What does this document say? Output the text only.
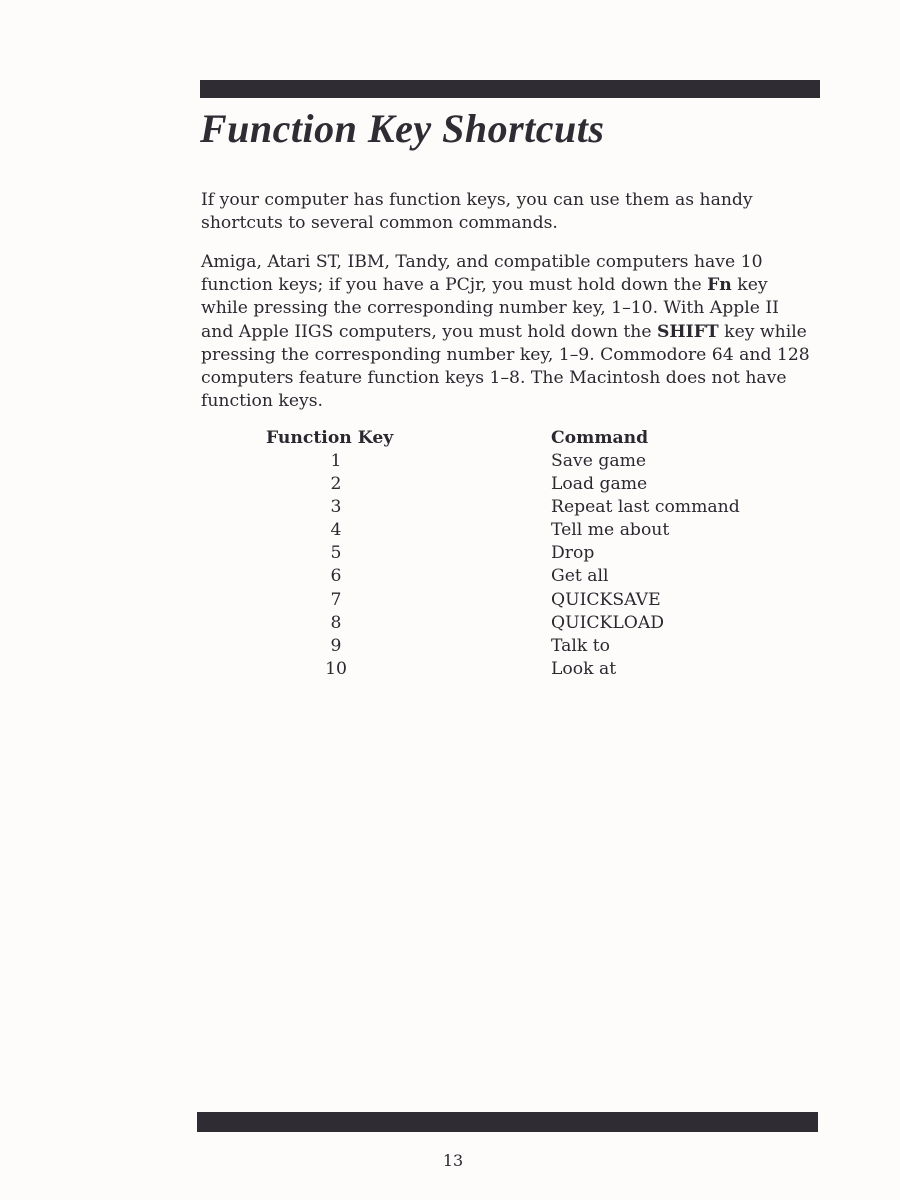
Function Key Shortcuts

If your computer has function keys, you can use them as handy shortcuts to several common commands.

Amiga, Atari ST, IBM, Tandy, and compatible computers have 10 function keys; if you have a PCjr, you must hold down the Fn key while pressing the corresponding number key, 1–10. With Apple II and Apple IIGS computers, you must hold down the SHIFT key while pressing the corresponding number key, 1–9. Commodore 64 and 128 computers feature function keys 1–8. The Macintosh does not have function keys.

Function Key	Command
1	Save game
2	Load game
3	Repeat last command
4	Tell me about
5	Drop
6	Get all
7	QUICKSAVE
8	QUICKLOAD
9	Talk to
10	Look at
13
